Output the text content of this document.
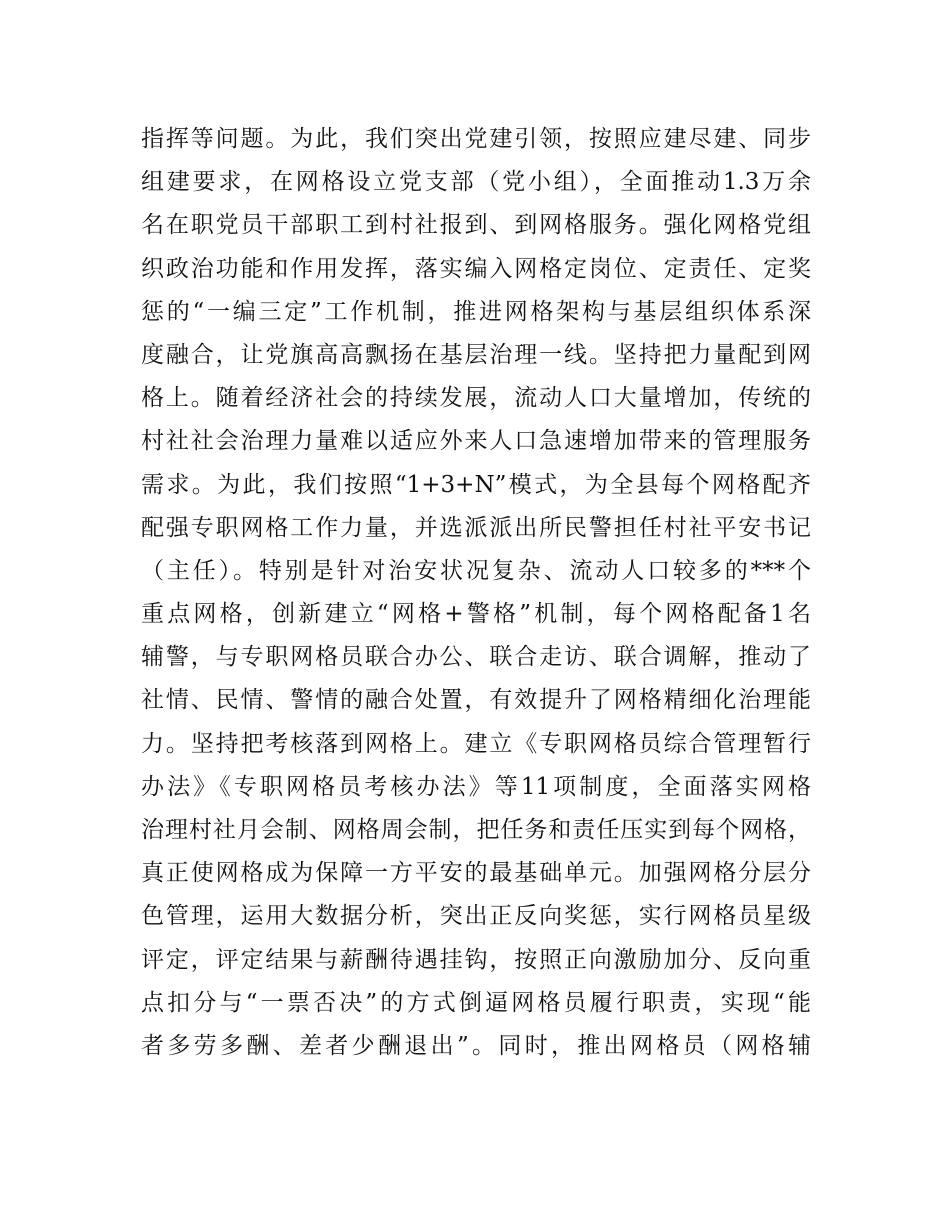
指挥等问题。为此，我们突出党建引领，按照应建尽建、同步
组建要求，在网格设立党支部（党小组），全面推动1.3万余
名在职党员干部职工到村社报到、到网格服务。强化网格党组
织政治功能和作用发挥，落实编入网格定岗位、定责任、定奖
惩的“一编三定”工作机制，推进网格架构与基层组织体系深
度融合，让党旗高高飘扬在基层治理一线。坚持把力量配到网
格上。随着经济社会的持续发展，流动人口大量增加，传统的
村社社会治理力量难以适应外来人口急速增加带来的管理服务
需求。为此，我们按照“1+3+N”模式，为全县每个网格配齐
配强专职网格工作力量，并选派派出所民警担任村社平安书记
（主任）。特别是针对治安状况复杂、流动人口较多的***个
重点网格，创新建立“网格+警格”机制，每个网格配备1名
辅警，与专职网格员联合办公、联合走访、联合调解，推动了
社情、民情、警情的融合处置，有效提升了网格精细化治理能
力。坚持把考核落到网格上。建立《专职网格员综合管理暂行
办法》《专职网格员考核办法》等11项制度，全面落实网格
治理村社月会制、网格周会制，把任务和责任压实到每个网格，
真正使网格成为保障一方平安的最基础单元。加强网格分层分
色管理，运用大数据分析，突出正反向奖惩，实行网格员星级
评定，评定结果与薪酬待遇挂钩，按照正向激励加分、反向重
点扣分与“一票否决”的方式倒逼网格员履行职责，实现“能
者多劳多酬、差者少酬退出”。同时，推出网格员（网格辅
